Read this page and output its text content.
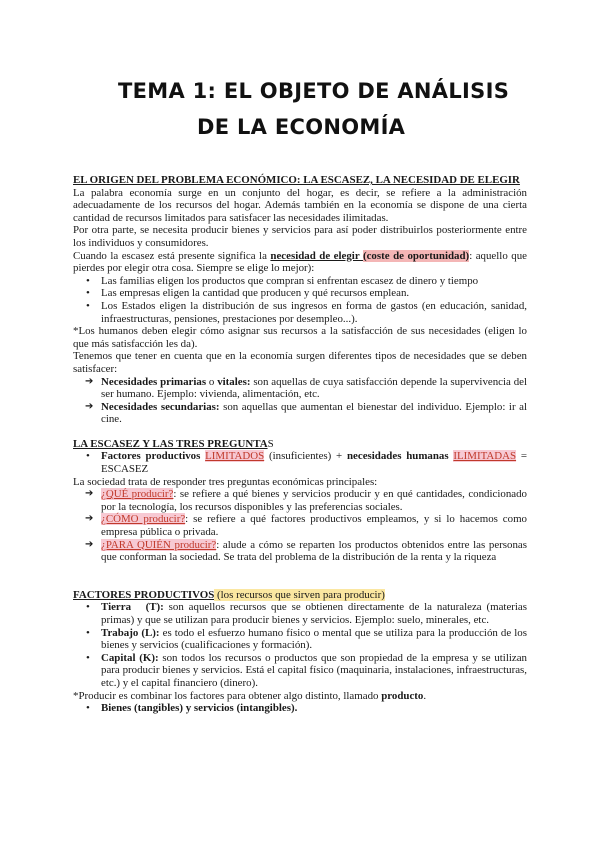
TEMA 1: EL OBJETO DE ANÁLISIS
DE LA ECONOMÍA

EL ORIGEN DEL PROBLEMA ECONÓMICO: LA ESCASEZ, LA NECESIDAD DE ELEGIR

La palabra economía surge en un conjunto del hogar, es decir, se refiere a la administración adecuadamente de los recursos del hogar. Además también en la economía se dispone de una cierta cantidad de recursos limitados para satisfacer las necesidades ilimitadas.

Por otra parte, se necesita producir bienes y servicios para así poder distribuirlos posteriormente entre los individuos y consumidores.

Cuando la escasez está presente significa la necesidad de elegir (coste de oportunidad): aquello que pierdes por elegir otra cosa. Siempre se elige lo mejor):

• Las familias eligen los productos que compran si enfrentan escasez de dinero y tiempo
• Las empresas eligen la cantidad que producen y qué recursos emplean.
• Los Estados eligen la distribución de sus ingresos en forma de gastos (en educación, sanidad, infraestructuras, pensiones, prestaciones por desempleo...).

*Los humanos deben elegir cómo asignar sus recursos a la satisfacción de sus necesidades (eligen lo que más satisfacción les da).

Tenemos que tener en cuenta que en la economía surgen diferentes tipos de necesidades que se deben satisfacer:

➔ Necesidades primarias o vitales: son aquellas de cuya satisfacción depende la supervivencia del ser humano. Ejemplo: vivienda, alimentación, etc.
➔ Necesidades secundarias: son aquellas que aumentan el bienestar del individuo. Ejemplo: ir al cine.

LA ESCASEZ Y LAS TRES PREGUNTAS

• Factores productivos LIMITADOS (insuficientes) + necesidades humanas ILIMITADAS = ESCASEZ

La sociedad trata de responder tres preguntas económicas principales:

➔ ¿QUÉ producir?: se refiere a qué bienes y servicios producir y en qué cantidades, condicionado por la tecnología, los recursos disponibles y las preferencias sociales.
➔ ¿CÓMO producir?: se refiere a qué factores productivos empleamos, y si lo hacemos como empresa pública o privada.
➔ ¿PARA QUIÉN producir?: alude a cómo se reparten los productos obtenidos entre las personas que conforman la sociedad. Se trata del problema de la distribución de la renta y la riqueza

FACTORES PRODUCTIVOS (los recursos que sirven para producir)

• Tierra   (T): son aquellos recursos que se obtienen directamente de la naturaleza (materias primas) y que se utilizan para producir bienes y servicios. Ejemplo: suelo, minerales, etc.
• Trabajo (L): es todo el esfuerzo humano físico o mental que se utiliza para la producción de los bienes y servicios (cualificaciones y formación).
• Capital (K): son todos los recursos o productos que son propiedad de la empresa y se utilizan para producir bienes y servicios. Está el capital físico (maquinaria, instalaciones, infraestructuras, etc.) y el capital financiero (dinero).

*Producir es combinar los factores para obtener algo distinto, llamado producto.

• Bienes (tangibles) y servicios (intangibles).
